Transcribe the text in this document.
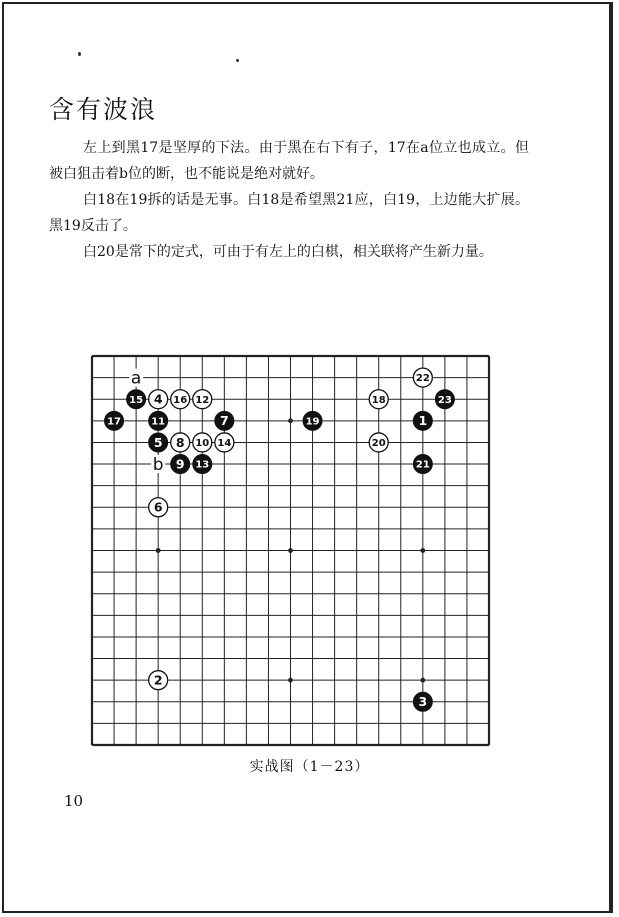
含有波浪

左上到黑17是坚厚的下法。由于黑在右下有子，17在a位立也成立。但被白狙击着b位的断，也不能说是绝对就好。

白18在19拆的话是无事。白18是希望黑21应，白19，上边能大扩展。黑19反击了。

白20是常下的定式，可由于有左上的白棋，相关联将产生新力量。

1
2
3
4
5
6
7
8
9
10
11
12
13
14
15	16
17
18
19
20
21
22
23
a
b
实战图（1－23）
10
